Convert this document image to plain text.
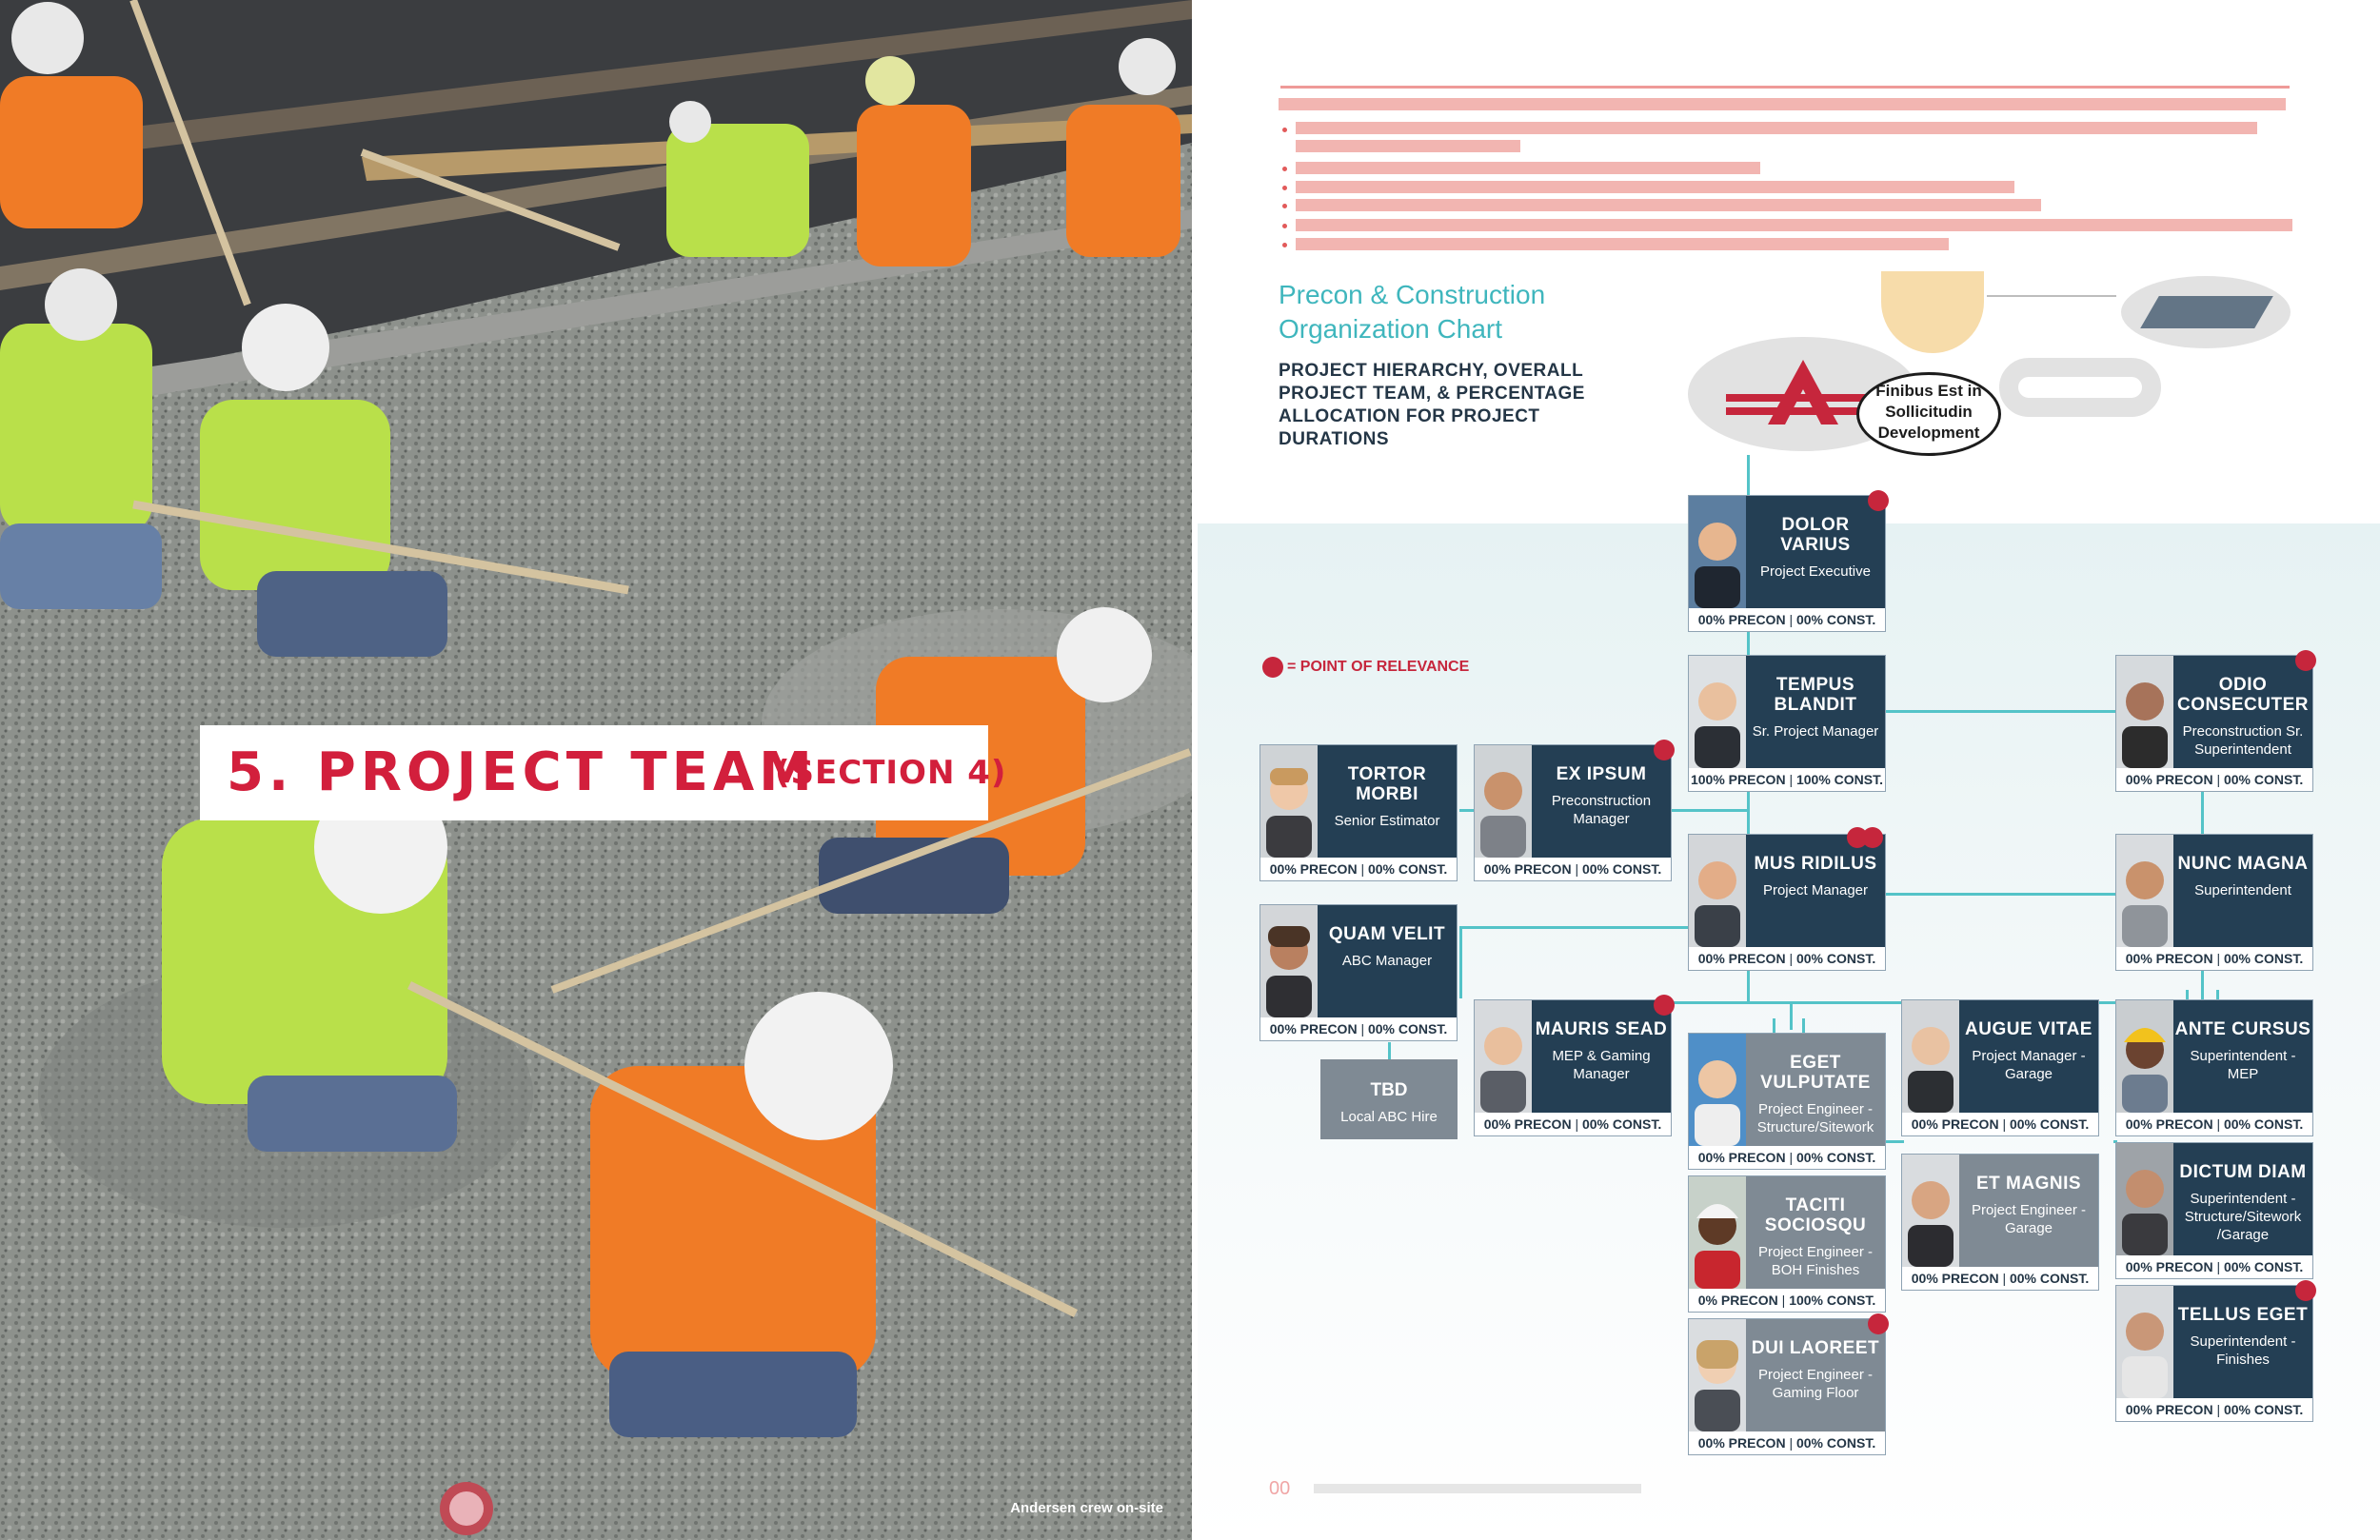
5. PROJECT TEAM
(SECTION 4)
Andersen crew on-site
Precon & Construction Organization Chart
PROJECT HIERARCHY, OVERALL PROJECT TEAM, & PERCENTAGE ALLOCATION FOR PROJECT DURATIONS
Finibus Est in Sollicitudin Development
= POINT OF RELEVANCE
DOLOR VARIUS
Project Executive
00% PRECON | 00% CONST.
TEMPUS BLANDIT
Sr. Project Manager
100% PRECON | 100% CONST.
ODIO CONSECUTER
Preconstruction Sr. Superintendent
00% PRECON | 00% CONST.
TORTOR MORBI
Senior Estimator
00% PRECON | 00% CONST.
EX IPSUM
Preconstruction Manager
00% PRECON | 00% CONST.	MUS RIDILUS
Project Manager
00% PRECON | 00% CONST.
NUNC MAGNA
Superintendent
00% PRECON | 00% CONST.
QUAM VELIT
ABC Manager
00% PRECON | 00% CONST.
TBD
Local ABC Hire
MAURIS SEAD
MEP & Gaming Manager
00% PRECON | 00% CONST.
EGET VULPUTATE
Project Engineer - Structure/Sitework
00% PRECON | 00% CONST.
AUGUE VITAE
Project Manager - Garage
00% PRECON | 00% CONST.
ANTE CURSUS
Superintendent - MEP
00% PRECON | 00% CONST.
TACITI SOCIOSQU
Project Engineer - BOH Finishes
0% PRECON | 100% CONST.
ET MAGNIS
Project Engineer - Garage
00% PRECON | 00% CONST.
DICTUM DIAM
Superintendent - Structure/Sitework /Garage
00% PRECON | 00% CONST.
DUI LAOREET
Project Engineer - Gaming Floor
00% PRECON | 00% CONST.
TELLUS EGET
Superintendent - Finishes
00% PRECON | 00% CONST.
00
